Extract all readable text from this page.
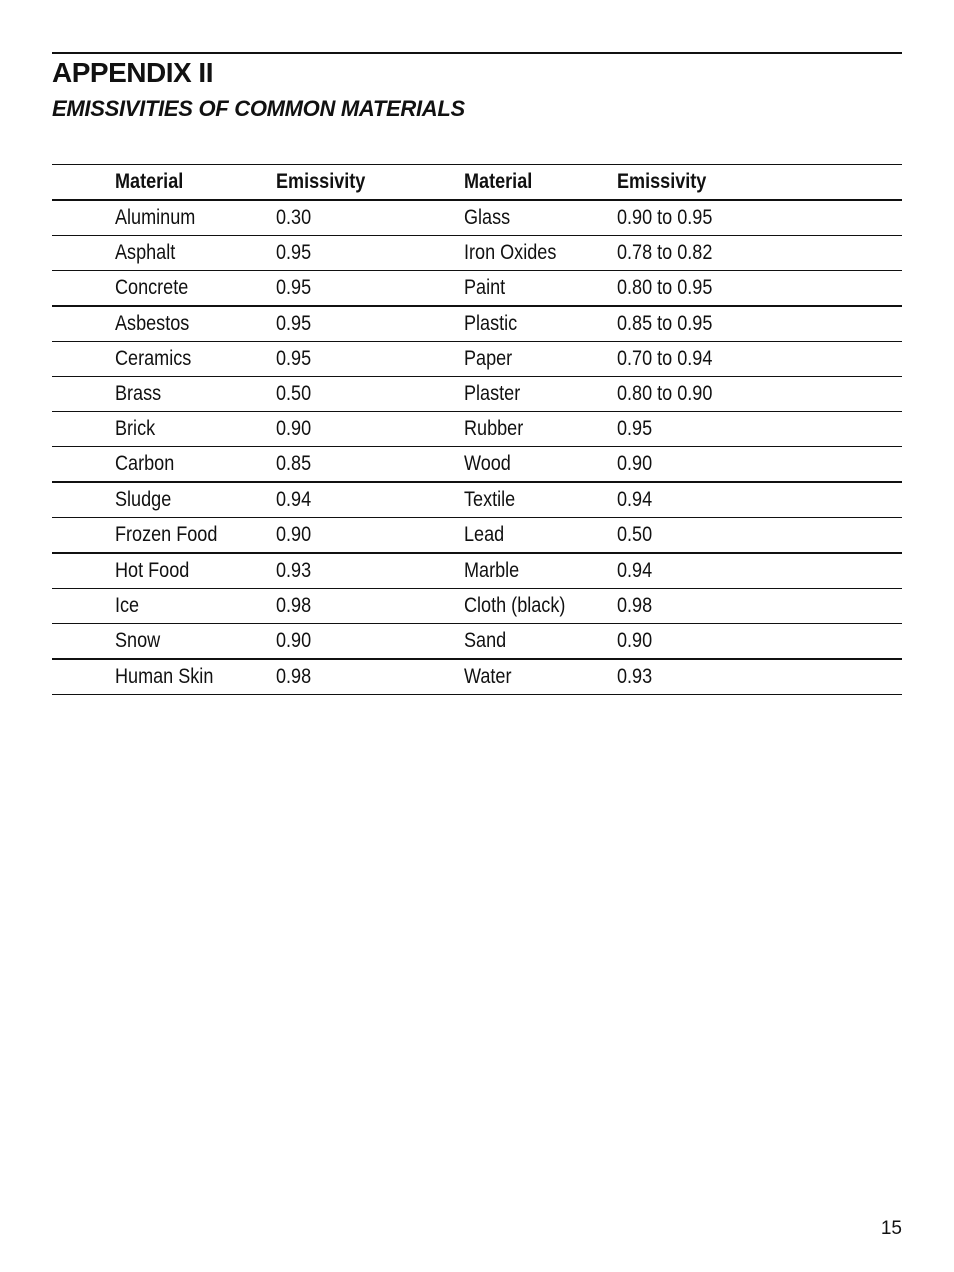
APPENDIX II
EMISSIVITIES OF COMMON MATERIALS
	Material	Emissivity	Material	Emissivity
	Aluminum	0.30	Glass	0.90 to 0.95
	Asphalt	0.95	Iron Oxides	0.78 to 0.82
	Concrete	0.95	Paint	0.80 to 0.95
	Asbestos	0.95	Plastic	0.85 to 0.95
	Ceramics	0.95	Paper	0.70 to 0.94
	Brass	0.50	Plaster	0.80 to 0.90
	Brick	0.90	Rubber	0.95
	Carbon	0.85	Wood	0.90
	Sludge	0.94	Textile	0.94
	Frozen Food	0.90	Lead	0.50
	Hot Food	0.93	Marble	0.94
	Ice	0.98	Cloth (black)	0.98
	Snow	0.90	Sand	0.90
	Human Skin	0.98	Water	0.93
15
